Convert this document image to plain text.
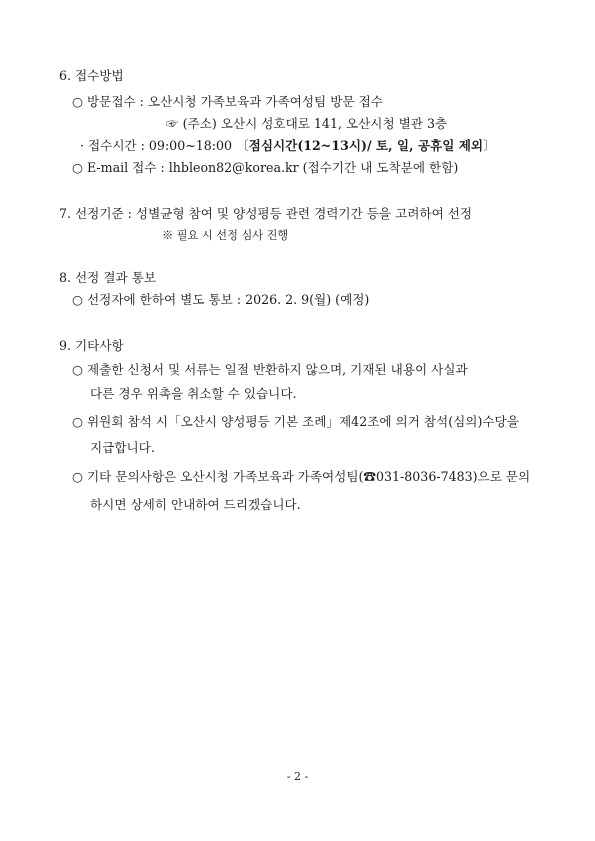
6. 접수방법
○ 방문접수 : 오산시청 가족보육과 가족여성팀 방문 접수
☞ (주소) 오산시 성호대로 141, 오산시청 별관 3층
· 접수시간 : 09:00~18:00 〔점심시간(12~13시)/ 토, 일, 공휴일 제외〕
○ E-mail 접수 : lhbleon82@korea.kr (접수기간 내 도착분에 한함)
7. 선정기준 : 성별균형 참여 및 양성평등 관련 경력기간 등을 고려하여 선정
※ 필요 시 선정 심사 진행
8. 선정 결과 통보
○ 선정자에 한하여 별도 통보 : 2026. 2. 9(월) (예정)
9. 기타사항
○ 제출한 신청서 및 서류는 일절 반환하지 않으며, 기재된 내용이 사실과
다른 경우 위촉을 취소할 수 있습니다.
○ 위원회 참석 시「오산시 양성평등 기본 조례」제42조에 의거 참석(심의)수당을
지급합니다.
○ 기타 문의사항은 오산시청 가족보육과 가족여성팀(☎031-8036-7483)으로 문의
하시면 상세히 안내하여 드리겠습니다.
- 2 -
